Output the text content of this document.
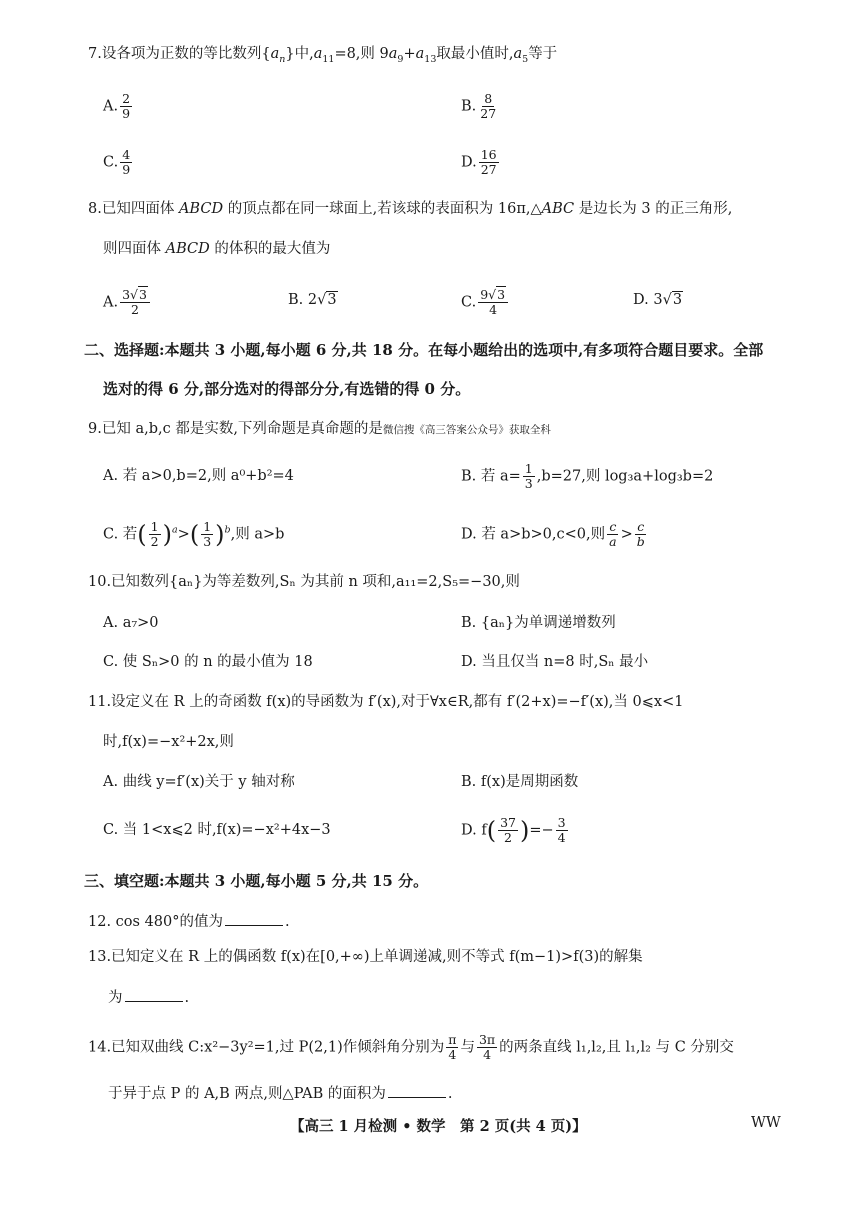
7.设各项为正数的等比数列$\{a_n\}$中$,a_{11}=8$,则 $9a_9+a_{13}$取最小值时$,a_5$等于
A. $\frac{2}{9}$	B. $\frac{8}{27}$
C. $\frac{4}{9}$	D. $\frac{16}{27}$
8.已知四面体 ABCD 的顶点都在同一球面上,若该球的表面积为 16π,△ABC 是边长为 3 的正三角形,
则四面体 ABCD 的体积的最大值为
A. $\frac{3√3}{2}$	B. 2√3	C. $\frac{9√3}{4}$	D. 3√3
二、选择题:本题共 3 小题,每小题 6 分,共 18 分。在每小题给出的选项中,有多项符合题目要求。全部
选对的得 6 分,部分选对的得部分分,有选错的得 0 分。
9.已知 a,b,c 都是实数,下列命题是真命题的是微信搜《高三答案公众号》获取全科
A. 若 a>0,b=2,则 a⁰+b²=4	B. 若 $a= \frac{1}{3} ,b=27$,则 log₃a+log₃b=2
C. 若( $\frac{1}{2} )^a>( \frac{1}{3} )^b$,则 a>b	D. 若 a>b>0,c<0,则 $\frac{c}{a} > \frac{c}{b}$
10.已知数列{aₙ}为等差数列,Sₙ 为其前 n 项和,a₁₁=2,S₅=−30,则
A. a₇>0	B. {aₙ}为单调递增数列
C. 使 Sₙ>0 的 n 的最小值为 18	D. 当且仅当 n=8 时,Sₙ 最小
11.设定义在 R 上的奇函数 f(x)的导函数为 f′(x),对于∀x∈R,都有 f′(2+x)=−f′(x),当 0⩽x<1
时,f(x)=−x²+2x,则
A. 曲线 y=f′(x)关于 y 轴对称	B. f(x)是周期函数
C. 当 1<x⩽2 时,f(x)=−x²+4x−3	D. $f( \frac{37}{2}$ )=− $\frac{3}{4}$
三、填空题:本题共 3 小题,每小题 5 分,共 15 分。
12. cos 480°的值为	.
13.已知定义在 R 上的偶函数 f(x)在[0,+∞)上单调递减,则不等式 f(m−1)>f(3)的解集
为	.
14.已知双曲线 C:x²−3y²=1,过 P(2,1)作倾斜角分别为 $\frac{\pi}{4}$ 与 $\frac{3\pi}{4}$ 的两条直线 l₁,l₂,且 l₁,l₂ 与 C 分别交
于异于点 P 的 A,B 两点,则△PAB 的面积为	.
【高三 1 月检测 • 数学　第 2 页(共 4 页)】	WW
